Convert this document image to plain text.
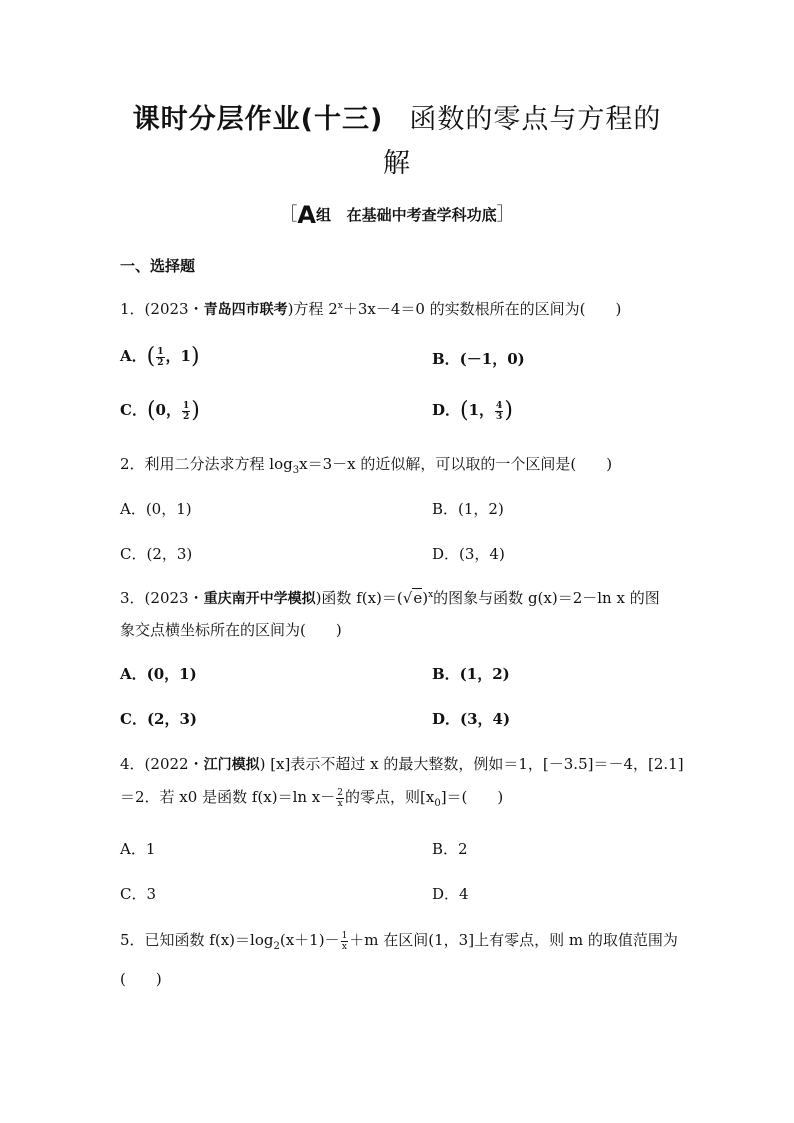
课时分层作业(十三) 函数的零点与方程的
解
［A组 在基础中考查学科功底］
一、选择题
1．(2023・青岛四市联考)方程 $2^x+3x-4=0$ 的实数根所在的区间为(　　)
A．( $\frac{1}{2}$ ，1)	B．(－1，0)
C．(0， $\frac{1}{2}$ )	D．(1， $\frac{4}{3}$ )
2．利用二分法求方程 $\log_3x=3-x$ 的近似解，可以取的一个区间是(　　)
A．(0，1)	B．(1，2)
C．(2，3)	D．(3，4)
3．(2023・重庆南开中学模拟)函数 $f(x)=(√e)^x$的图象与函数 g(x)＝2－ln x 的图
象交点横坐标所在的区间为(　　)
A．(0，1)	B．(1，2)
C．(2，3)	D．(3，4)
4．(2022・江门模拟) [x]表示不超过 x 的最大整数，例如＝1，[－3.5]＝－4，[2.1]
＝2．若 x0 是函数 f(x)＝ln $x- \frac{2}{x}$ 的零点，则$[x_0]=$(　　)
A．1	B．2
C．3	D．4
5．已知函数 $f(x)=\log_2(x+1)- \frac{1}{x} +m$ 在区间(1，3]上有零点，则 m 的取值范围为
(　　)
